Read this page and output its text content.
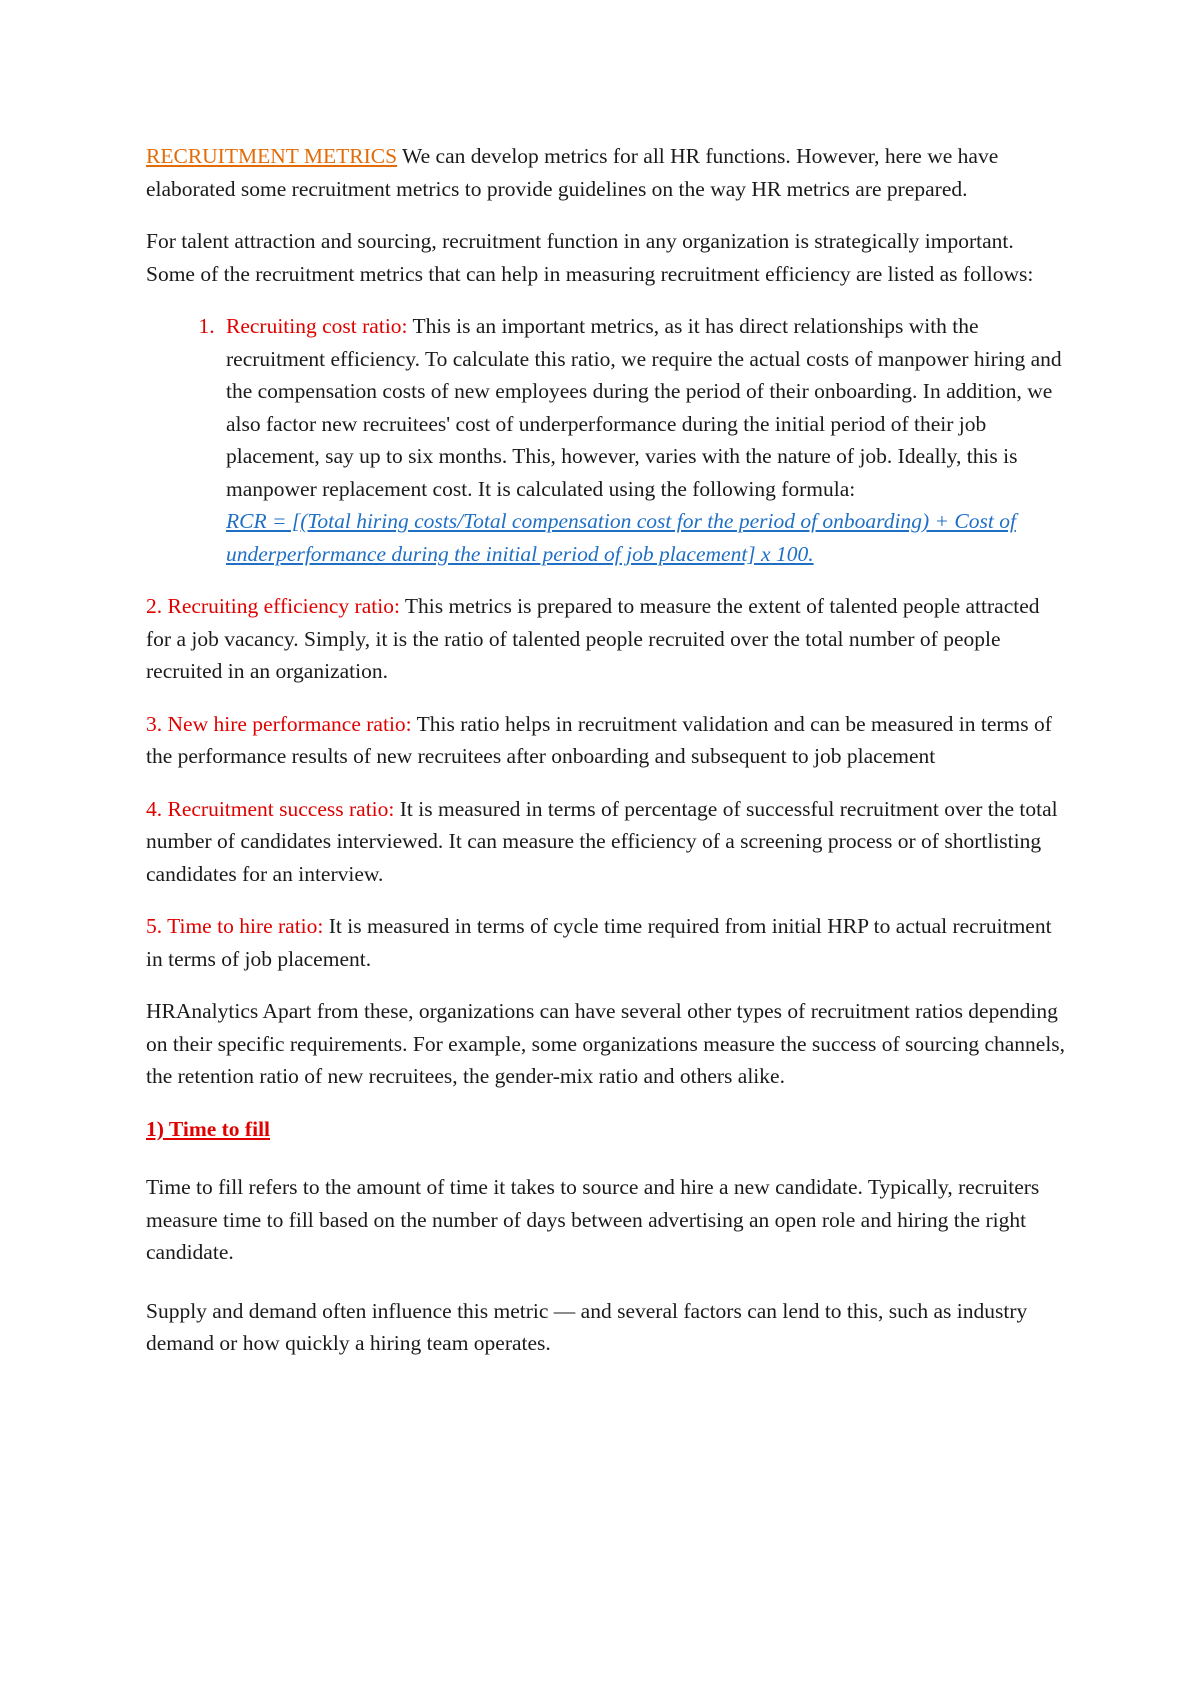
RECRUITMENT METRICS We can develop metrics for all HR functions. However, here we have elaborated some recruitment metrics to provide guidelines on the way HR metrics are prepared.

For talent attraction and sourcing, recruitment function in any organization is strategically important. Some of the recruitment metrics that can help in measuring recruitment efficiency are listed as follows:

1. Recruiting cost ratio: This is an important metrics, as it has direct relationships with the recruitment efficiency. To calculate this ratio, we require the actual costs of manpower hiring and the compensation costs of new employees during the period of their onboarding. In addition, we also factor new recruitees' cost of underperformance during the initial period of their job placement, say up to six months. This, however, varies with the nature of job. Ideally, this is manpower replacement cost. It is calculated using the following formula:
RCR = [(Total hiring costs/Total compensation cost for the period of onboarding) + Cost of underperformance during the initial period of job placement] x 100.

2. Recruiting efficiency ratio: This metrics is prepared to measure the extent of talented people attracted for a job vacancy. Simply, it is the ratio of talented people recruited over the total number of people recruited in an organization.

3. New hire performance ratio: This ratio helps in recruitment validation and can be measured in terms of the performance results of new recruitees after onboarding and subsequent to job placement

4. Recruitment success ratio: It is measured in terms of percentage of successful recruitment over the total number of candidates interviewed. It can measure the efficiency of a screening process or of shortlisting candidates for an interview.

5. Time to hire ratio: It is measured in terms of cycle time required from initial HRP to actual recruitment in terms of job placement.

HRAnalytics Apart from these, organizations can have several other types of recruitment ratios depending on their specific requirements. For example, some organizations measure the success of sourcing channels, the retention ratio of new recruitees, the gender-mix ratio and others alike.

1) Time to fill

Time to fill refers to the amount of time it takes to source and hire a new candidate. Typically, recruiters measure time to fill based on the number of days between advertising an open role and hiring the right candidate.

Supply and demand often influence this metric — and several factors can lend to this, such as industry demand or how quickly a hiring team operates.
